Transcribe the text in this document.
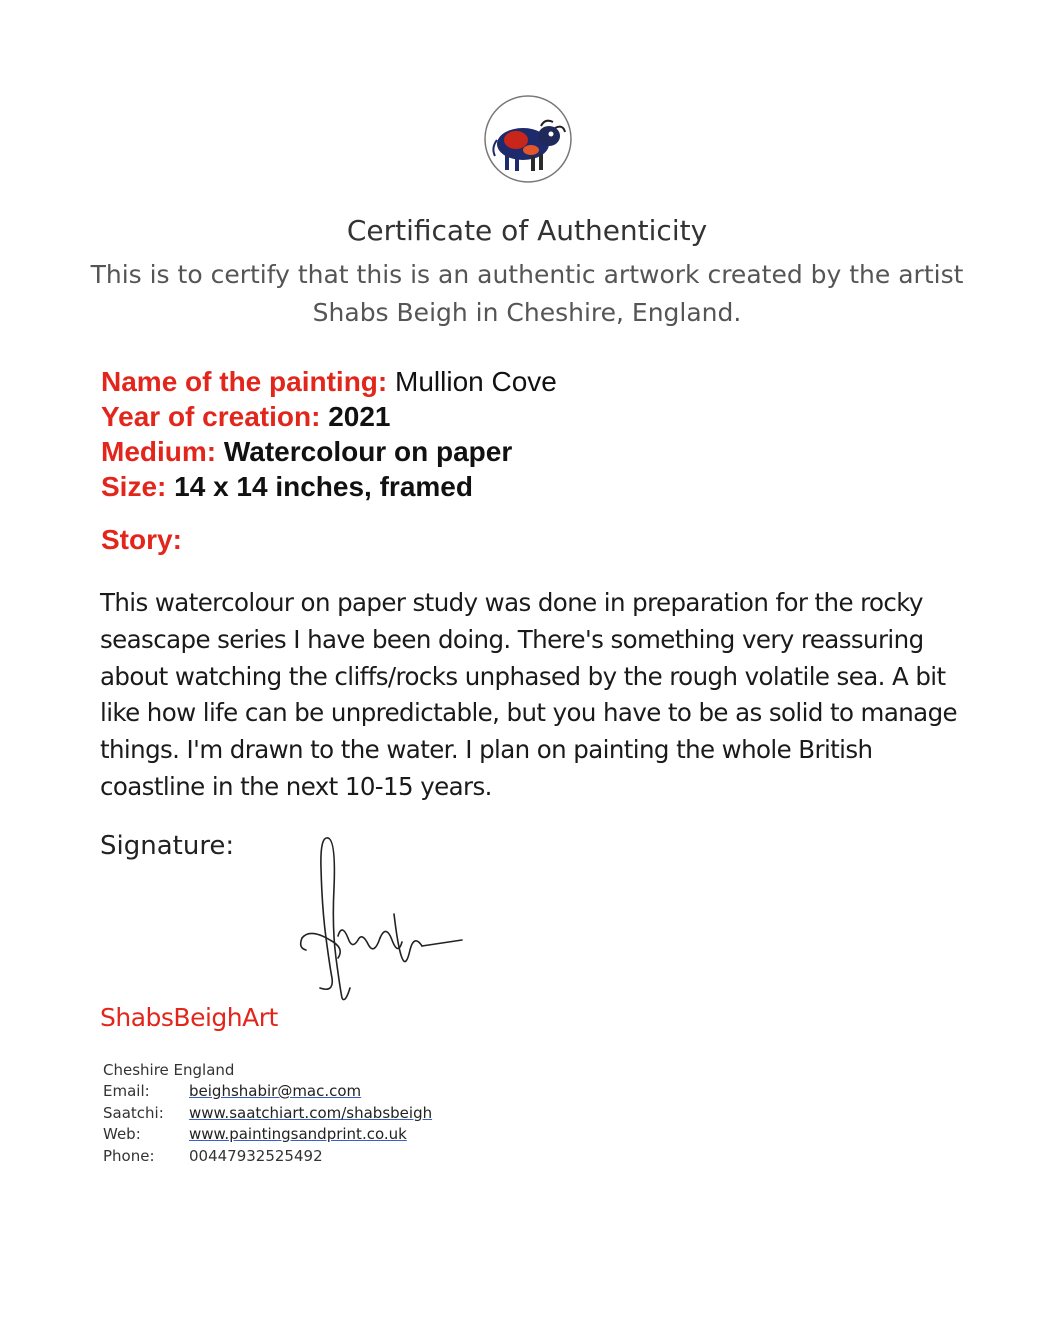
Certificate of Authenticity
This is to certify that this is an authentic artwork created by the artist Shabs Beigh in Cheshire, England.
Name of the painting: Mullion Cove
Year of creation: 2021
Medium: Watercolour on paper
Size: 14 x 14 inches, framed
Story:
This watercolour on paper study was done in preparation for the rocky seascape series I have been doing. There's something very reassuring about watching the cliffs/rocks unphased by the rough volatile sea. A bit like how life can be unpredictable, but you have to be as solid to manage things. I'm drawn to the water. I plan on painting the whole British coastline in the next 10-15 years.
Signature:
ShabsBeighArt
Cheshire England
Email:	beighshabir@mac.com
Saatchi:	www.saatchiart.com/shabsbeigh
Web:	www.paintingsandprint.co.uk
Phone:	00447932525492
